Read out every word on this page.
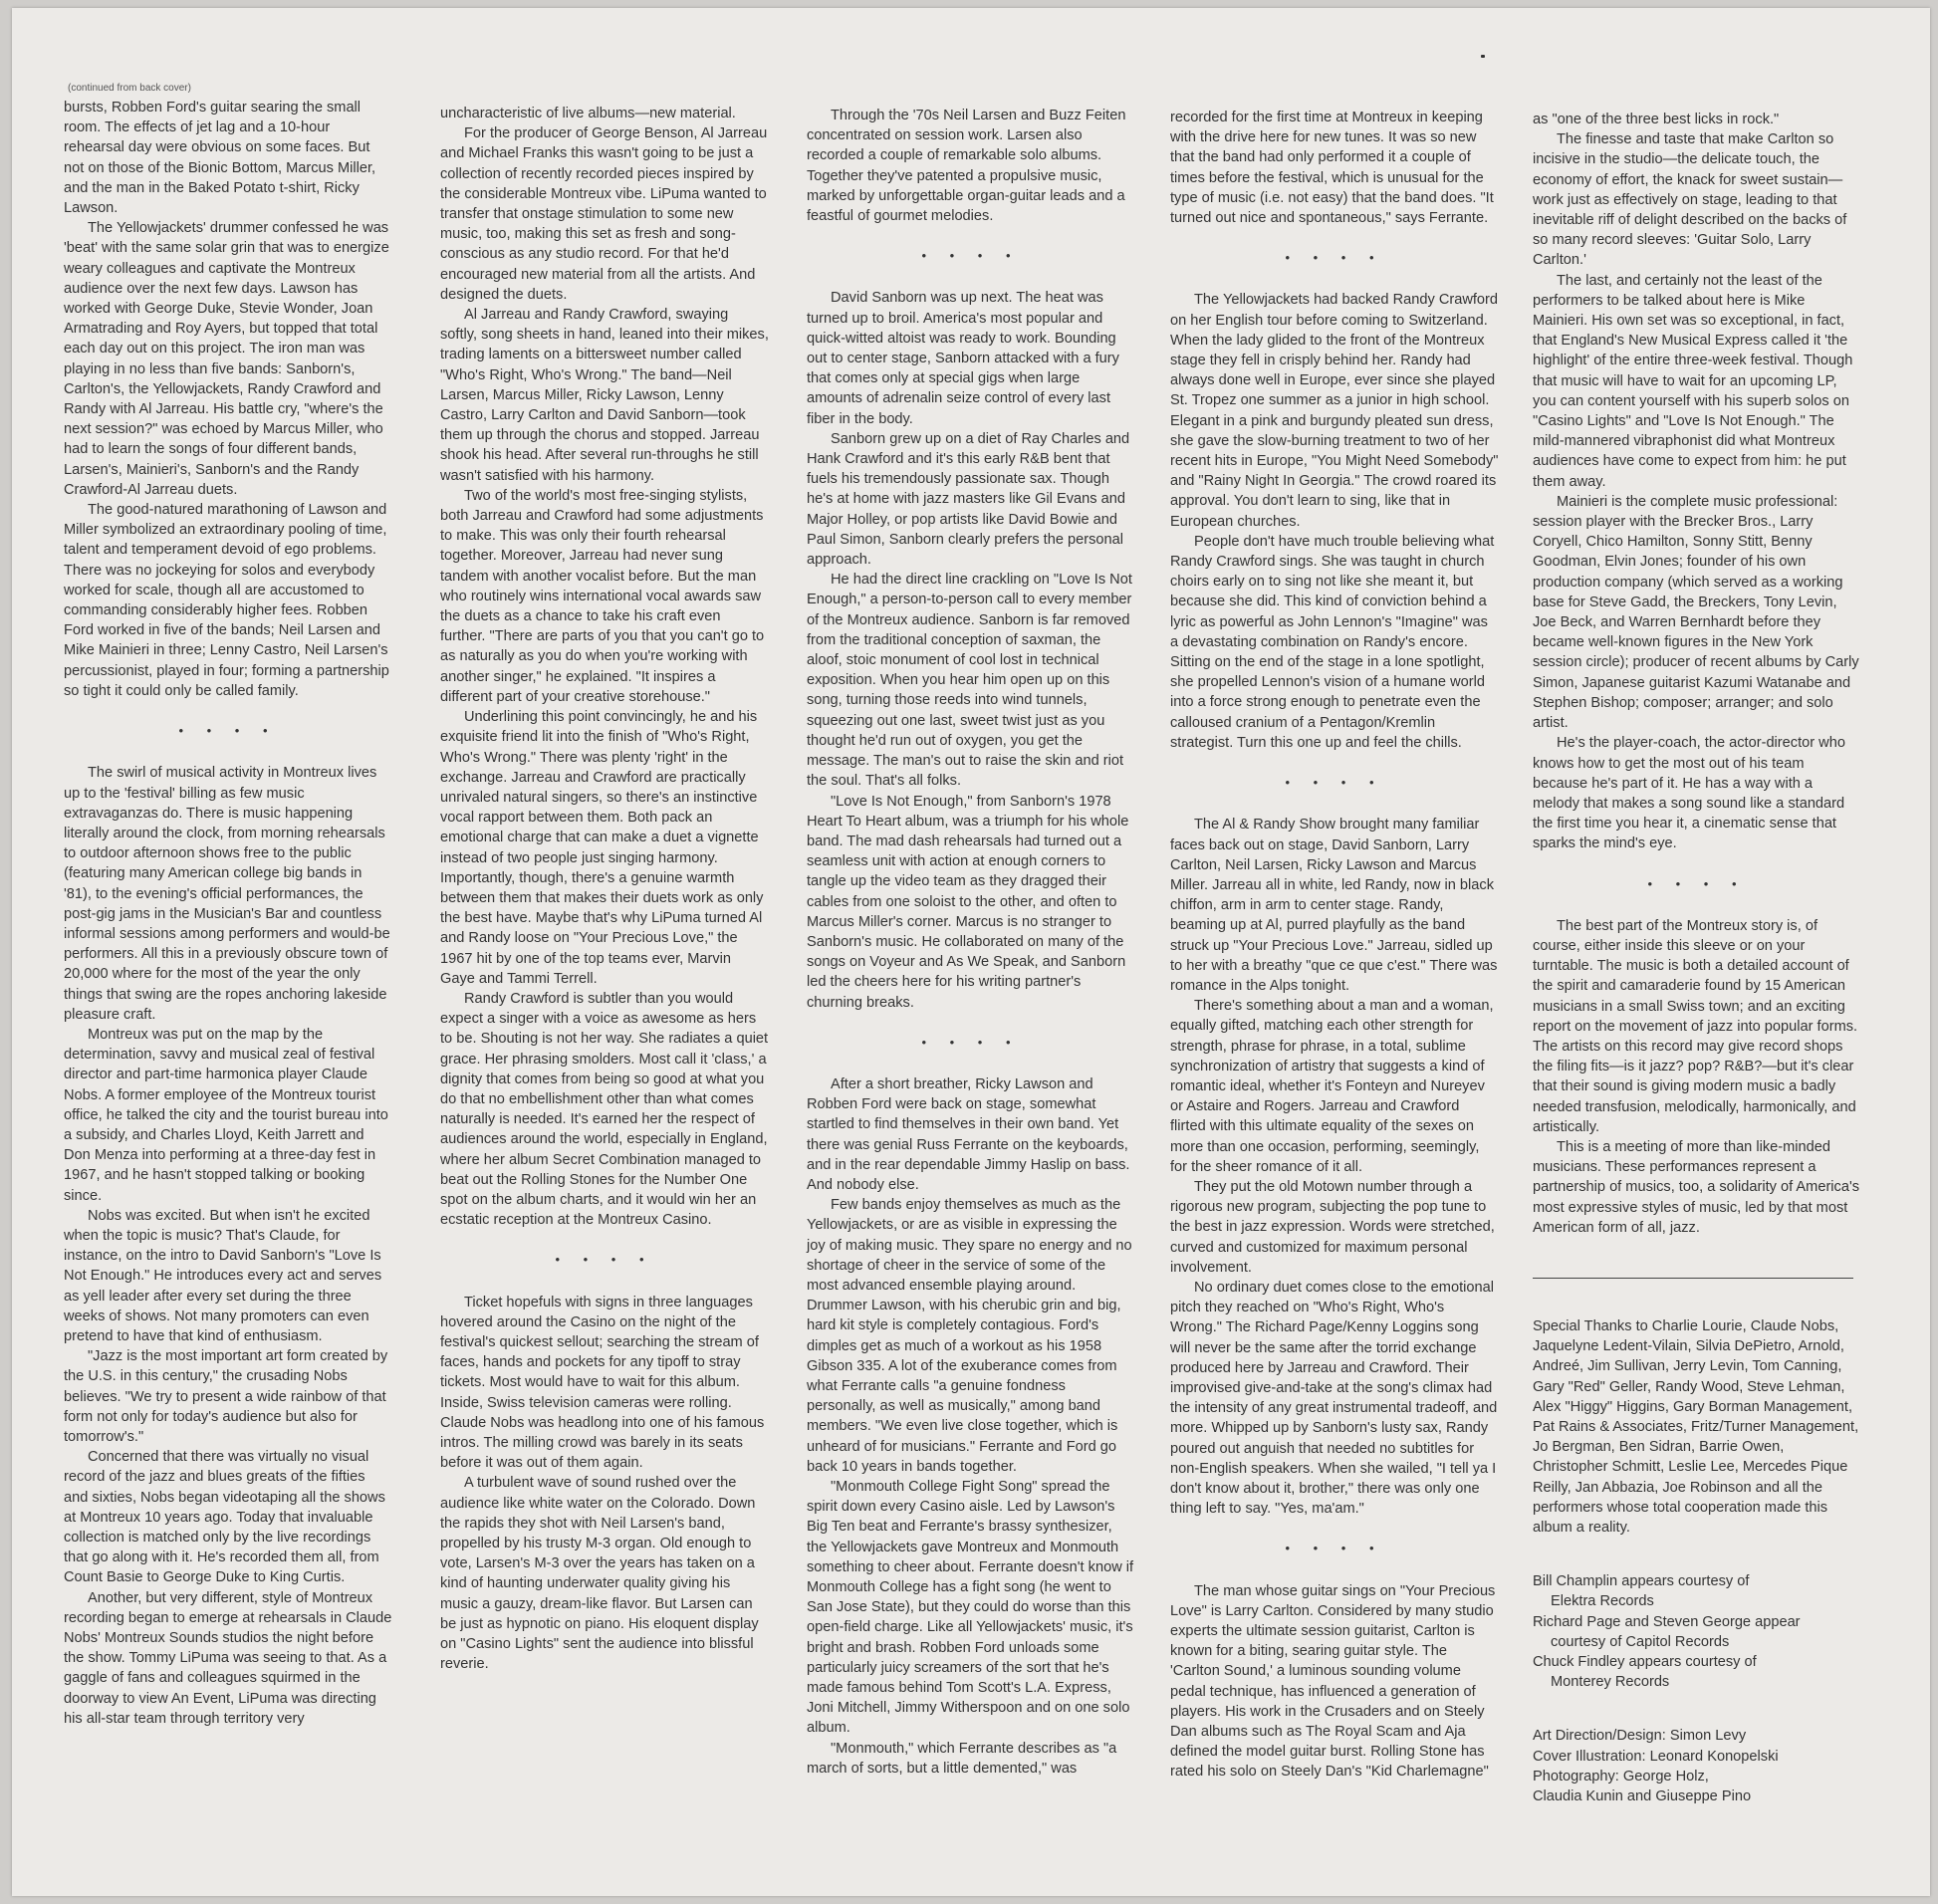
(continued from back cover)

bursts, Robben Ford's guitar searing the small room. The effects of jet lag and a 10-hour rehearsal day were obvious on some faces. But not on those of the Bionic Bottom, Marcus Miller, and the man in the Baked Potato t-shirt, Ricky Lawson.

The Yellowjackets' drummer confessed he was 'beat' with the same solar grin that was to energize weary colleagues and captivate the Montreux audience over the next few days. Lawson has worked with George Duke, Stevie Wonder, Joan Armatrading and Roy Ayers, but topped that total each day out on this project. The iron man was playing in no less than five bands: Sanborn's, Carlton's, the Yellowjackets, Randy Crawford and Randy with Al Jarreau. His battle cry, "where's the next session?" was echoed by Marcus Miller, who had to learn the songs of four different bands, Larsen's, Mainieri's, Sanborn's and the Randy Crawford-Al Jarreau duets.

The good-natured marathoning of Lawson and Miller symbolized an extraordinary pooling of time, talent and temperament devoid of ego problems. There was no jockeying for solos and everybody worked for scale, though all are accustomed to commanding considerably higher fees. Robben Ford worked in five of the bands; Neil Larsen and Mike Mainieri in three; Lenny Castro, Neil Larsen's percussionist, played in four; forming a partnership so tight it could only be called family.

• • • •

The swirl of musical activity in Montreux lives up to the 'festival' billing as few music extravaganzas do. There is music happening literally around the clock, from morning rehearsals to outdoor afternoon shows free to the public (featuring many American college big bands in '81), to the evening's official performances, the post-gig jams in the Musician's Bar and countless informal sessions among performers and would-be performers. All this in a previously obscure town of 20,000 where for the most of the year the only things that swing are the ropes anchoring lakeside pleasure craft.

Montreux was put on the map by the determination, savvy and musical zeal of festival director and part-time harmonica player Claude Nobs. A former employee of the Montreux tourist office, he talked the city and the tourist bureau into a subsidy, and Charles Lloyd, Keith Jarrett and Don Menza into performing at a three-day fest in 1967, and he hasn't stopped talking or booking since.

Nobs was excited. But when isn't he excited when the topic is music? That's Claude, for instance, on the intro to David Sanborn's "Love Is Not Enough." He introduces every act and serves as yell leader after every set during the three weeks of shows. Not many promoters can even pretend to have that kind of enthusiasm.

"Jazz is the most important art form created by the U.S. in this century," the crusading Nobs believes. "We try to present a wide rainbow of that form not only for today's audience but also for tomorrow's."

Concerned that there was virtually no visual record of the jazz and blues greats of the fifties and sixties, Nobs began videotaping all the shows at Montreux 10 years ago. Today that invaluable collection is matched only by the live recordings that go along with it. He's recorded them all, from Count Basie to George Duke to King Curtis.

Another, but very different, style of Montreux recording began to emerge at rehearsals in Claude Nobs' Montreux Sounds studios the night before the show. Tommy LiPuma was seeing to that. As a gaggle of fans and colleagues squirmed in the doorway to view An Event, LiPuma was directing his all-star team through territory very

uncharacteristic of live albums—new material.

For the producer of George Benson, Al Jarreau and Michael Franks this wasn't going to be just a collection of recently recorded pieces inspired by the considerable Montreux vibe. LiPuma wanted to transfer that onstage stimulation to some new music, too, making this set as fresh and song-conscious as any studio record. For that he'd encouraged new material from all the artists. And designed the duets.

Al Jarreau and Randy Crawford, swaying softly, song sheets in hand, leaned into their mikes, trading laments on a bittersweet number called "Who's Right, Who's Wrong." The band—Neil Larsen, Marcus Miller, Ricky Lawson, Lenny Castro, Larry Carlton and David Sanborn—took them up through the chorus and stopped. Jarreau shook his head. After several run-throughs he still wasn't satisfied with his harmony.

Two of the world's most free-singing stylists, both Jarreau and Crawford had some adjustments to make. This was only their fourth rehearsal together. Moreover, Jarreau had never sung tandem with another vocalist before. But the man who routinely wins international vocal awards saw the duets as a chance to take his craft even further. "There are parts of you that you can't go to as naturally as you do when you're working with another singer," he explained. "It inspires a different part of your creative storehouse."

Underlining this point convincingly, he and his exquisite friend lit into the finish of "Who's Right, Who's Wrong." There was plenty 'right' in the exchange. Jarreau and Crawford are practically unrivaled natural singers, so there's an instinctive vocal rapport between them. Both pack an emotional charge that can make a duet a vignette instead of two people just singing harmony. Importantly, though, there's a genuine warmth between them that makes their duets work as only the best have. Maybe that's why LiPuma turned Al and Randy loose on "Your Precious Love," the 1967 hit by one of the top teams ever, Marvin Gaye and Tammi Terrell.

Randy Crawford is subtler than you would expect a singer with a voice as awesome as hers to be. Shouting is not her way. She radiates a quiet grace. Her phrasing smolders. Most call it 'class,' a dignity that comes from being so good at what you do that no embellishment other than what comes naturally is needed. It's earned her the respect of audiences around the world, especially in England, where her album Secret Combination managed to beat out the Rolling Stones for the Number One spot on the album charts, and it would win her an ecstatic reception at the Montreux Casino.

• • • •

Ticket hopefuls with signs in three languages hovered around the Casino on the night of the festival's quickest sellout; searching the stream of faces, hands and pockets for any tipoff to stray tickets. Most would have to wait for this album. Inside, Swiss television cameras were rolling. Claude Nobs was headlong into one of his famous intros. The milling crowd was barely in its seats before it was out of them again.

A turbulent wave of sound rushed over the audience like white water on the Colorado. Down the rapids they shot with Neil Larsen's band, propelled by his trusty M-3 organ. Old enough to vote, Larsen's M-3 over the years has taken on a kind of haunting underwater quality giving his music a gauzy, dream-like flavor. But Larsen can be just as hypnotic on piano. His eloquent display on "Casino Lights" sent the audience into blissful reverie.

Through the '70s Neil Larsen and Buzz Feiten concentrated on session work. Larsen also recorded a couple of remarkable solo albums. Together they've patented a propulsive music, marked by unforgettable organ-guitar leads and a feastful of gourmet melodies.

• • • •

David Sanborn was up next. The heat was turned up to broil. America's most popular and quick-witted altoist was ready to work. Bounding out to center stage, Sanborn attacked with a fury that comes only at special gigs when large amounts of adrenalin seize control of every last fiber in the body.

Sanborn grew up on a diet of Ray Charles and Hank Crawford and it's this early R&B bent that fuels his tremendously passionate sax. Though he's at home with jazz masters like Gil Evans and Major Holley, or pop artists like David Bowie and Paul Simon, Sanborn clearly prefers the personal approach.

He had the direct line crackling on "Love Is Not Enough," a person-to-person call to every member of the Montreux audience. Sanborn is far removed from the traditional conception of saxman, the aloof, stoic monument of cool lost in technical exposition. When you hear him open up on this song, turning those reeds into wind tunnels, squeezing out one last, sweet twist just as you thought he'd run out of oxygen, you get the message. The man's out to raise the skin and riot the soul. That's all folks.

"Love Is Not Enough," from Sanborn's 1978 Heart To Heart album, was a triumph for his whole band. The mad dash rehearsals had turned out a seamless unit with action at enough corners to tangle up the video team as they dragged their cables from one soloist to the other, and often to Marcus Miller's corner. Marcus is no stranger to Sanborn's music. He collaborated on many of the songs on Voyeur and As We Speak, and Sanborn led the cheers here for his writing partner's churning breaks.

• • • •

After a short breather, Ricky Lawson and Robben Ford were back on stage, somewhat startled to find themselves in their own band. Yet there was genial Russ Ferrante on the keyboards, and in the rear dependable Jimmy Haslip on bass. And nobody else.

Few bands enjoy themselves as much as the Yellowjackets, or are as visible in expressing the joy of making music. They spare no energy and no shortage of cheer in the service of some of the most advanced ensemble playing around. Drummer Lawson, with his cherubic grin and big, hard kit style is completely contagious. Ford's dimples get as much of a workout as his 1958 Gibson 335. A lot of the exuberance comes from what Ferrante calls "a genuine fondness personally, as well as musically," among band members. "We even live close together, which is unheard of for musicians." Ferrante and Ford go back 10 years in bands together.

"Monmouth College Fight Song" spread the spirit down every Casino aisle. Led by Lawson's Big Ten beat and Ferrante's brassy synthesizer, the Yellowjackets gave Montreux and Monmouth something to cheer about. Ferrante doesn't know if Monmouth College has a fight song (he went to San Jose State), but they could do worse than this open-field charge. Like all Yellowjackets' music, it's bright and brash. Robben Ford unloads some particularly juicy screamers of the sort that he's made famous behind Tom Scott's L.A. Express, Joni Mitchell, Jimmy Witherspoon and on one solo album.

"Monmouth," which Ferrante describes as "a march of sorts, but a little demented," was

recorded for the first time at Montreux in keeping with the drive here for new tunes. It was so new that the band had only performed it a couple of times before the festival, which is unusual for the type of music (i.e. not easy) that the band does. "It turned out nice and spontaneous," says Ferrante.

• • • •

The Yellowjackets had backed Randy Crawford on her English tour before coming to Switzerland. When the lady glided to the front of the Montreux stage they fell in crisply behind her. Randy had always done well in Europe, ever since she played St. Tropez one summer as a junior in high school. Elegant in a pink and burgundy pleated sun dress, she gave the slow-burning treatment to two of her recent hits in Europe, "You Might Need Somebody" and "Rainy Night In Georgia." The crowd roared its approval. You don't learn to sing, like that in European churches.

People don't have much trouble believing what Randy Crawford sings. She was taught in church choirs early on to sing not like she meant it, but because she did. This kind of conviction behind a lyric as powerful as John Lennon's "Imagine" was a devastating combination on Randy's encore. Sitting on the end of the stage in a lone spotlight, she propelled Lennon's vision of a humane world into a force strong enough to penetrate even the calloused cranium of a Pentagon/Kremlin strategist. Turn this one up and feel the chills.

• • • •

The Al & Randy Show brought many familiar faces back out on stage, David Sanborn, Larry Carlton, Neil Larsen, Ricky Lawson and Marcus Miller. Jarreau all in white, led Randy, now in black chiffon, arm in arm to center stage. Randy, beaming up at Al, purred playfully as the band struck up "Your Precious Love." Jarreau, sidled up to her with a breathy "que ce que c'est." There was romance in the Alps tonight.

There's something about a man and a woman, equally gifted, matching each other strength for strength, phrase for phrase, in a total, sublime synchronization of artistry that suggests a kind of romantic ideal, whether it's Fonteyn and Nureyev or Astaire and Rogers. Jarreau and Crawford flirted with this ultimate equality of the sexes on more than one occasion, performing, seemingly, for the sheer romance of it all.

They put the old Motown number through a rigorous new program, subjecting the pop tune to the best in jazz expression. Words were stretched, curved and customized for maximum personal involvement.

No ordinary duet comes close to the emotional pitch they reached on "Who's Right, Who's Wrong." The Richard Page/Kenny Loggins song will never be the same after the torrid exchange produced here by Jarreau and Crawford. Their improvised give-and-take at the song's climax had the intensity of any great instrumental tradeoff, and more. Whipped up by Sanborn's lusty sax, Randy poured out anguish that needed no subtitles for non-English speakers. When she wailed, "I tell ya I don't know about it, brother," there was only one thing left to say. "Yes, ma'am."

• • • •

The man whose guitar sings on "Your Precious Love" is Larry Carlton. Considered by many studio experts the ultimate session guitarist, Carlton is known for a biting, searing guitar style. The 'Carlton Sound,' a luminous sounding volume pedal technique, has influenced a generation of players. His work in the Crusaders and on Steely Dan albums such as The Royal Scam and Aja defined the model guitar burst. Rolling Stone has rated his solo on Steely Dan's "Kid Charlemagne"

as "one of the three best licks in rock."

The finesse and taste that make Carlton so incisive in the studio—the delicate touch, the economy of effort, the knack for sweet sustain—work just as effectively on stage, leading to that inevitable riff of delight described on the backs of so many record sleeves: 'Guitar Solo, Larry Carlton.'

The last, and certainly not the least of the performers to be talked about here is Mike Mainieri. His own set was so exceptional, in fact, that England's New Musical Express called it 'the highlight' of the entire three-week festival. Though that music will have to wait for an upcoming LP, you can content yourself with his superb solos on "Casino Lights" and "Love Is Not Enough." The mild-mannered vibraphonist did what Montreux audiences have come to expect from him: he put them away.

Mainieri is the complete music professional: session player with the Brecker Bros., Larry Coryell, Chico Hamilton, Sonny Stitt, Benny Goodman, Elvin Jones; founder of his own production company (which served as a working base for Steve Gadd, the Breckers, Tony Levin, Joe Beck, and Warren Bernhardt before they became well-known figures in the New York session circle); producer of recent albums by Carly Simon, Japanese guitarist Kazumi Watanabe and Stephen Bishop; composer; arranger; and solo artist.

He's the player-coach, the actor-director who knows how to get the most out of his team because he's part of it. He has a way with a melody that makes a song sound like a standard the first time you hear it, a cinematic sense that sparks the mind's eye.

• • • •

The best part of the Montreux story is, of course, either inside this sleeve or on your turntable. The music is both a detailed account of the spirit and camaraderie found by 15 American musicians in a small Swiss town; and an exciting report on the movement of jazz into popular forms. The artists on this record may give record shops the filing fits—is it jazz? pop? R&B?—but it's clear that their sound is giving modern music a badly needed transfusion, melodically, harmonically, and artistically.

This is a meeting of more than like-minded musicians. These performances represent a partnership of musics, too, a solidarity of America's most expressive styles of music, led by that most American form of all, jazz.

Special Thanks to Charlie Lourie, Claude Nobs, Jaquelyne Ledent-Vilain, Silvia DePietro, Arnold, Andreé, Jim Sullivan, Jerry Levin, Tom Canning, Gary "Red" Geller, Randy Wood, Steve Lehman, Alex "Higgy" Higgins, Gary Borman Management, Pat Rains & Associates, Fritz/Turner Management, Jo Bergman, Ben Sidran, Barrie Owen, Christopher Schmitt, Leslie Lee, Mercedes Pique Reilly, Jan Abbazia, Joe Robinson and all the performers whose total cooperation made this album a reality.

Bill Champlin appears courtesy of

Elektra Records

Richard Page and Steven George appear

courtesy of Capitol Records

Chuck Findley appears courtesy of

Monterey Records

Art Direction/Design: Simon Levy

Cover Illustration: Leonard Konopelski

Photography: George Holz,

Claudia Kunin and Giuseppe Pino
